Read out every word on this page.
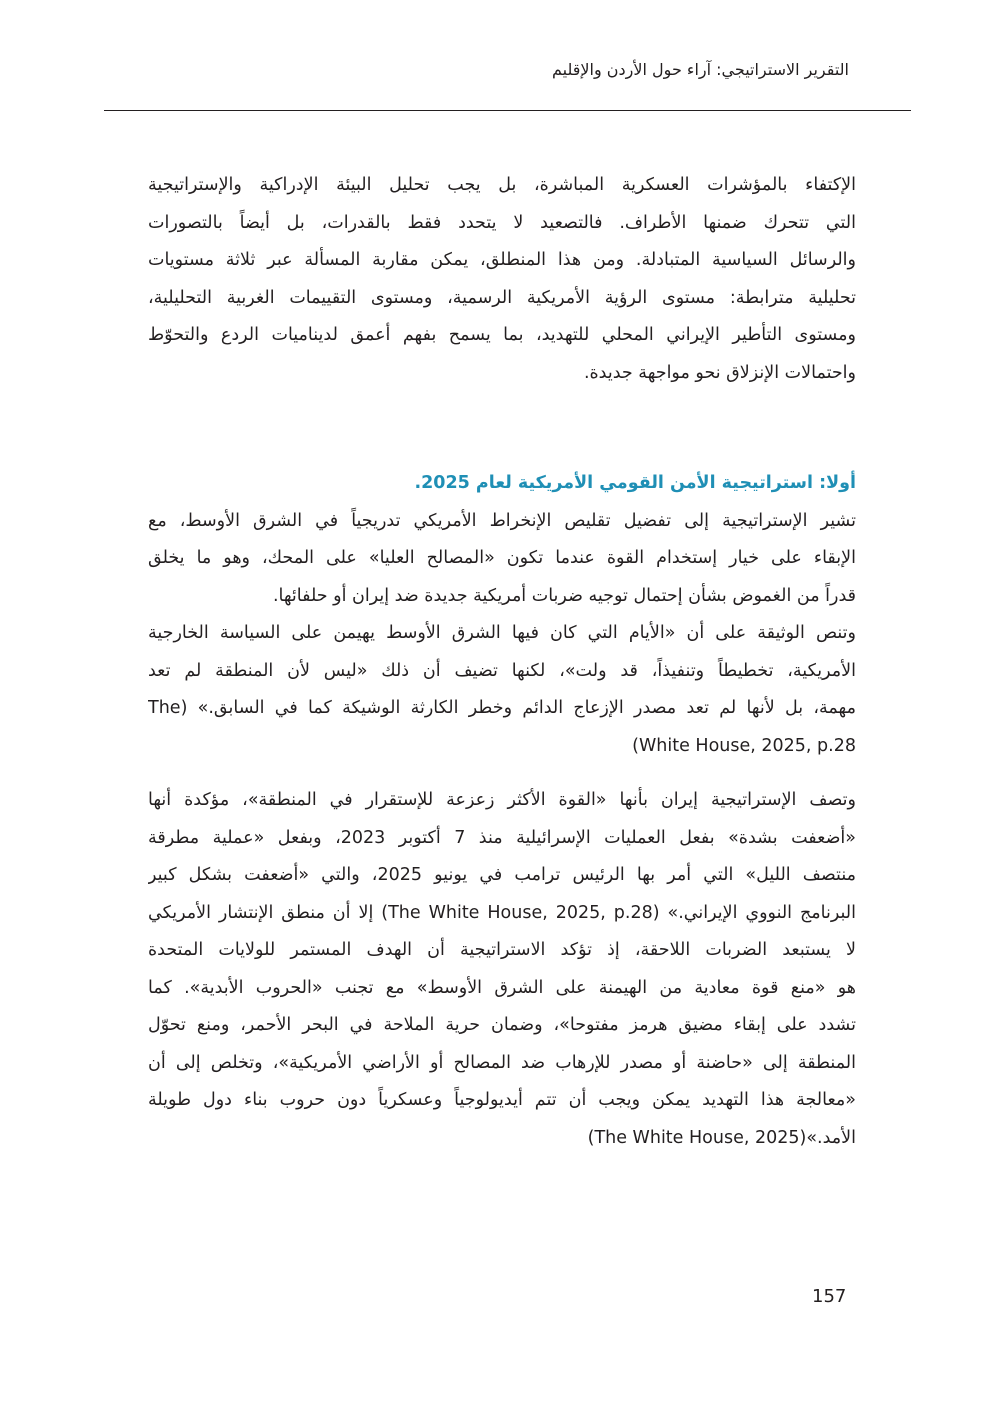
التقرير الاستراتيجي: آراء حول الأردن والإقليم
الإكتفاء بالمؤشرات العسكرية المباشرة، بل يجب تحليل البيئة الإدراكية والإستراتيجية
التي تتحرك ضمنها الأطراف. فالتصعيد لا يتحدد فقط بالقدرات، بل أيضاً بالتصورات
والرسائل السياسية المتبادلة. ومن هذا المنطلق، يمكن مقاربة المسألة عبر ثلاثة مستويات
تحليلية مترابطة: مستوى الرؤية الأمريكية الرسمية، ومستوى التقييمات الغربية التحليلية،
ومستوى التأطير الإيراني المحلي للتهديد، بما يسمح بفهم أعمق لديناميات الردع والتحوّط
واحتمالات الإنزلاق نحو مواجهة جديدة.
أولا: استراتيجية الأمن القومي الأمريكية لعام 2025.
تشير الإستراتيجية إلى تفضيل تقليص الإنخراط الأمريكي تدريجياً في الشرق الأوسط، مع
الإبقاء على خيار إستخدام القوة عندما تكون «المصالح العليا» على المحك، وهو ما يخلق
قدراً من الغموض بشأن إحتمال توجيه ضربات أمريكية جديدة ضد إيران أو حلفائها.
وتنص الوثيقة على أن «الأيام التي كان فيها الشرق الأوسط يهيمن على السياسة الخارجية
الأمريكية، تخطيطاً وتنفيذاً، قد ولت»، لكنها تضيف أن ذلك «ليس لأن المنطقة لم تعد
مهمة، بل لأنها لم تعد مصدر الإزعاج الدائم وخطر الكارثة الوشيكة كما في السابق.» (The
White House, 2025, p.28)
وتصف الإستراتيجية إيران بأنها «القوة الأكثر زعزعة للإستقرار في المنطقة»، مؤكدة أنها
«أضعفت بشدة» بفعل العمليات الإسرائيلية منذ 7 أكتوبر 2023، وبفعل «عملية مطرقة
منتصف الليل» التي أمر بها الرئيس ترامب في يونيو 2025، والتي «أضعفت بشكل كبير
البرنامج النووي الإيراني.» (The White House, 2025, p.28) إلا أن منطق الإنتشار الأمريكي
لا يستبعد الضربات اللاحقة، إذ تؤكد الاستراتيجية أن الهدف المستمر للولايات المتحدة
هو «منع قوة معادية من الهيمنة على الشرق الأوسط» مع تجنب «الحروب الأبدية». كما
تشدد على إبقاء مضيق هرمز مفتوحا»، وضمان حرية الملاحة في البحر الأحمر، ومنع تحوّل
المنطقة إلى «حاضنة أو مصدر للإرهاب ضد المصالح أو الأراضي الأمريكية»، وتخلص إلى أن
«معالجة هذا التهديد يمكن ويجب أن تتم أيديولوجياً وعسكرياً دون حروب بناء دول طويلة
الأمد.»(The White House, 2025)
157
